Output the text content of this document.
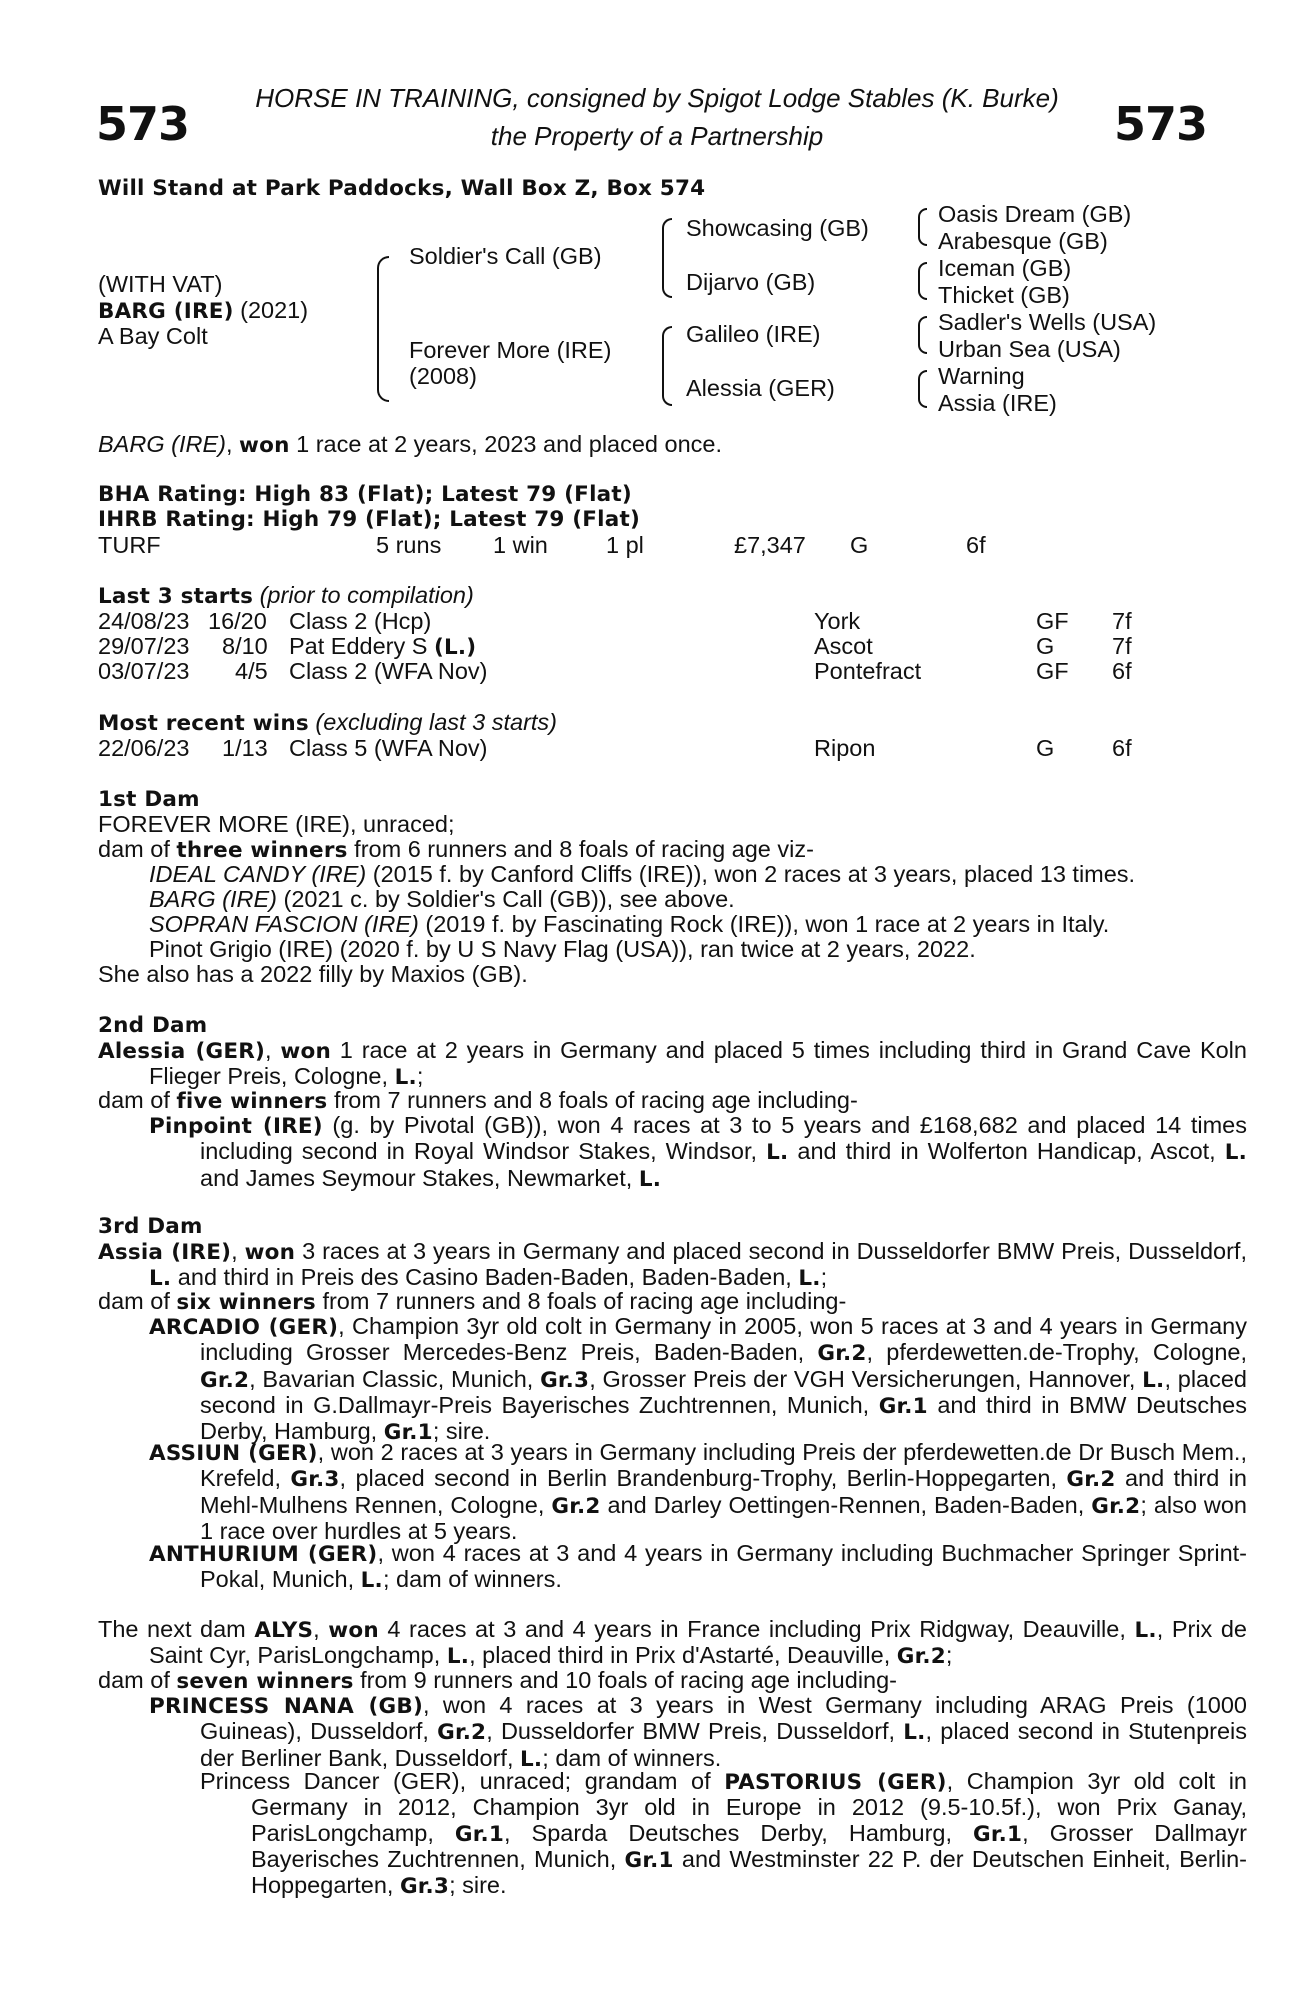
HORSE IN TRAINING, consigned by Spigot Lodge Stables (K. Burke)
the Property of a Partnership
573	573
Will Stand at Park Paddocks, Wall Box Z, Box 574
(WITH VAT)
BARG (IRE) (2021)
A Bay Colt
Soldier's Call (GB)
Forever More (IRE)
(2008)
Showcasing (GB)
Dijarvo (GB)
Galileo (IRE)
Alessia (GER)
Oasis Dream (GB)
Arabesque (GB)
Iceman (GB)
Thicket (GB)
Sadler's Wells (USA)
Urban Sea (USA)
Warning
Assia (IRE)
BARG (IRE), won 1 race at 2 years, 2023 and placed once.
BHA Rating: High 83 (Flat); Latest 79 (Flat)
IHRB Rating: High 79 (Flat); Latest 79 (Flat)
TURF	5 runs 1 win 1 pl	£7,347 G	6f
Last 3 starts (prior to compilation)
24/08/23 16/20 Class 2 (Hcp)	York	GF 7f
29/07/23 8/10 Pat Eddery S (L.)	Ascot	G 7f
03/07/23 4/5 Class 2 (WFA Nov)	Pontefract	GF 6f
Most recent wins (excluding last 3 starts)
22/06/23 1/13 Class 5 (WFA Nov)	Ripon	G 6f
1st Dam
FOREVER MORE (IRE), unraced;
dam of three winners from 6 runners and 8 foals of racing age viz-
IDEAL CANDY (IRE) (2015 f. by Canford Cliffs (IRE)), won 2 races at 3 years, placed 13 times.
BARG (IRE) (2021 c. by Soldier's Call (GB)), see above.
SOPRAN FASCION (IRE) (2019 f. by Fascinating Rock (IRE)), won 1 race at 2 years in Italy.
Pinot Grigio (IRE) (2020 f. by U S Navy Flag (USA)), ran twice at 2 years, 2022.
She also has a 2022 filly by Maxios (GB).
2nd Dam
Alessia (GER), won 1 race at 2 years in Germany and placed 5 times including third in Grand Cave Koln Flieger Preis, Cologne, L.;
dam of five winners from 7 runners and 8 foals of racing age including-
Pinpoint (IRE) (g. by Pivotal (GB)), won 4 races at 3 to 5 years and £168,682 and placed 14 times including second in Royal Windsor Stakes, Windsor, L. and third in Wolferton Handicap, Ascot, L. and James Seymour Stakes, Newmarket, L.
3rd Dam
Assia (IRE), won 3 races at 3 years in Germany and placed second in Dusseldorfer BMW Preis, Dusseldorf, L. and third in Preis des Casino Baden-Baden, Baden-Baden, L.;
dam of six winners from 7 runners and 8 foals of racing age including-
ARCADIO (GER), Champion 3yr old colt in Germany in 2005, won 5 races at 3 and 4 years in Germany including Grosser Mercedes-Benz Preis, Baden-Baden, Gr.2, pferdewetten.de-Trophy, Cologne, Gr.2, Bavarian Classic, Munich, Gr.3, Grosser Preis der VGH Versicherungen, Hannover, L., placed second in G.Dallmayr-Preis Bayerisches Zuchtrennen, Munich, Gr.1 and third in BMW Deutsches Derby, Hamburg, Gr.1; sire.
ASSIUN (GER), won 2 races at 3 years in Germany including Preis der pferdewetten.de Dr Busch Mem., Krefeld, Gr.3, placed second in Berlin Brandenburg-Trophy, Berlin-Hoppegarten, Gr.2 and third in Mehl-Mulhens Rennen, Cologne, Gr.2 and Darley Oettingen-Rennen, Baden-Baden, Gr.2; also won 1 race over hurdles at 5 years.
ANTHURIUM (GER), won 4 races at 3 and 4 years in Germany including Buchmacher Springer Sprint-Pokal, Munich, L.; dam of winners.
The next dam ALYS, won 4 races at 3 and 4 years in France including Prix Ridgway, Deauville, L., Prix de Saint Cyr, ParisLongchamp, L., placed third in Prix d'Astarté, Deauville, Gr.2;
dam of seven winners from 9 runners and 10 foals of racing age including-
PRINCESS NANA (GB), won 4 races at 3 years in West Germany including ARAG Preis (1000 Guineas), Dusseldorf, Gr.2, Dusseldorfer BMW Preis, Dusseldorf, L., placed second in Stutenpreis der Berliner Bank, Dusseldorf, L.; dam of winners.
Princess Dancer (GER), unraced; grandam of PASTORIUS (GER), Champion 3yr old colt in Germany in 2012, Champion 3yr old in Europe in 2012 (9.5-10.5f.), won Prix Ganay, ParisLongchamp, Gr.1, Sparda Deutsches Derby, Hamburg, Gr.1, Grosser Dallmayr Bayerisches Zuchtrennen, Munich, Gr.1 and Westminster 22 P. der Deutschen Einheit, Berlin-Hoppegarten, Gr.3; sire.
